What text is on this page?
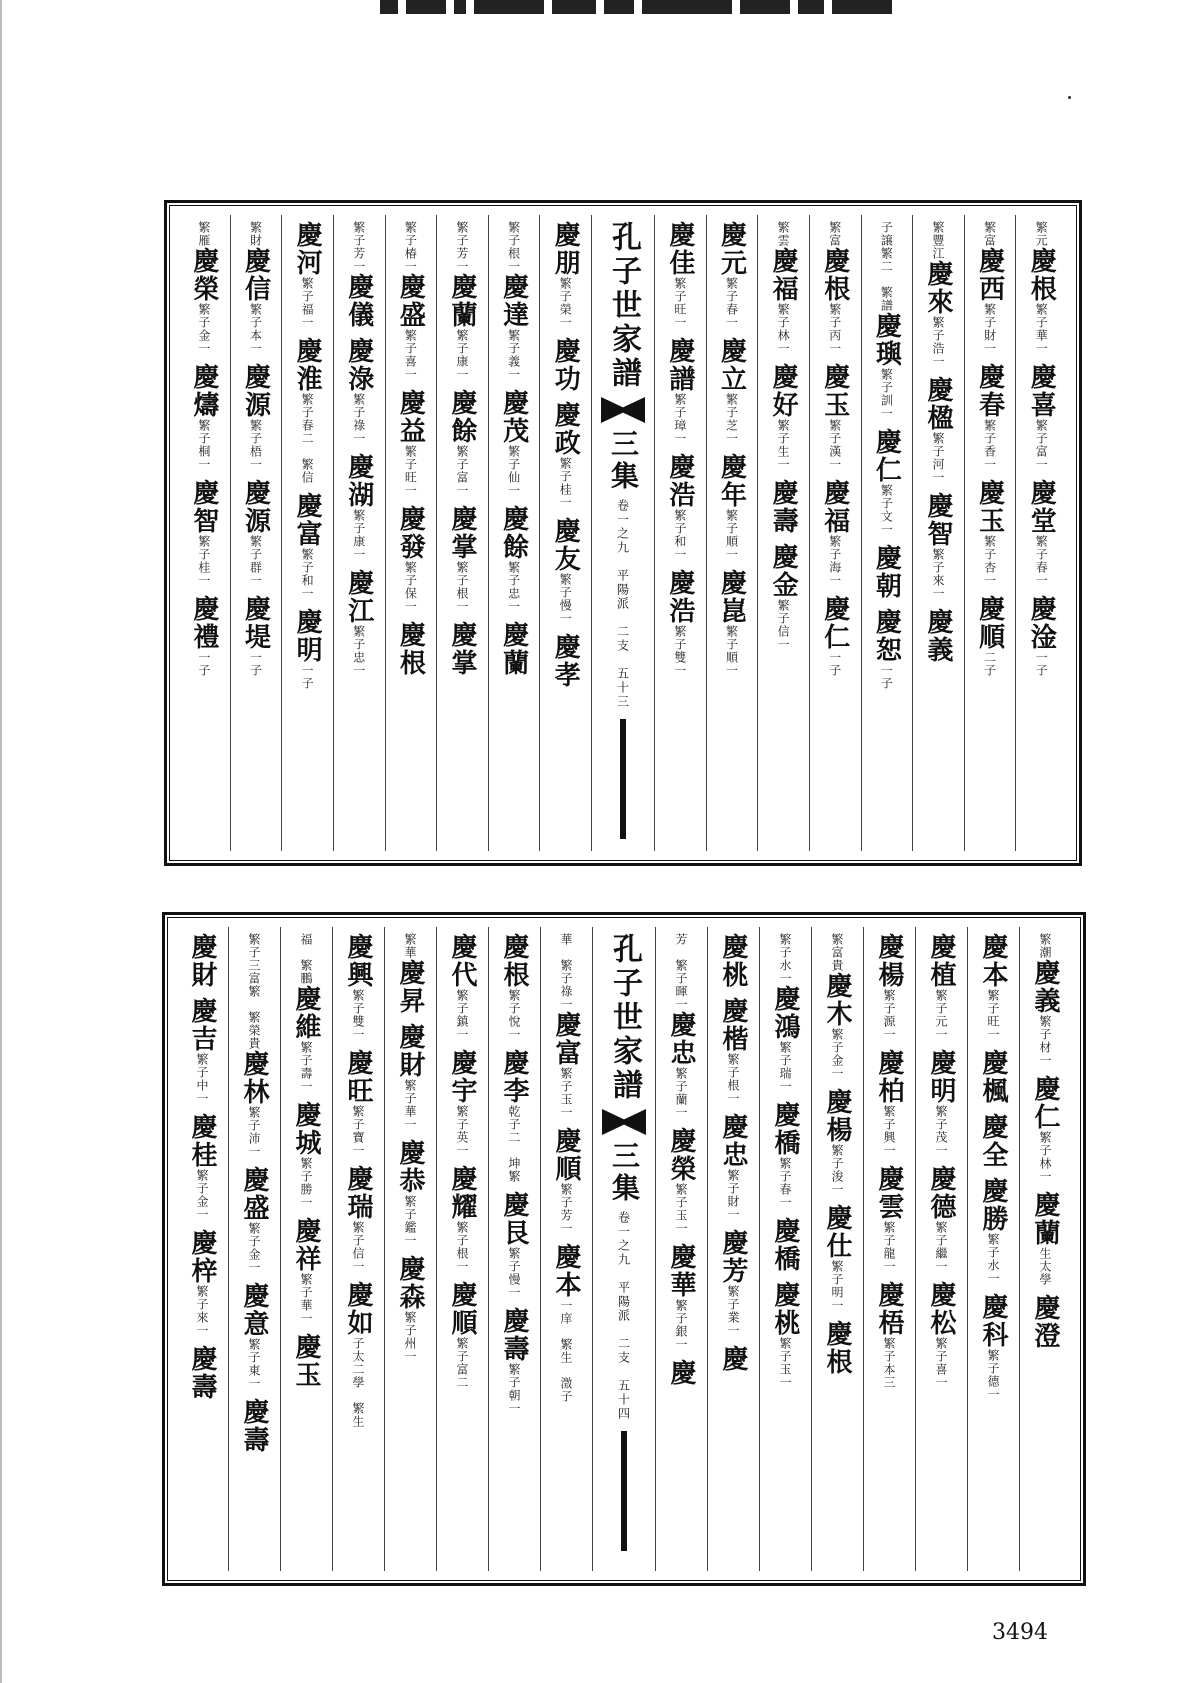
繁元
慶根
繁子華一
慶喜
繁子富一
慶堂
繁子春一
慶淦
一子
繁富
慶西
繁子財一
慶春
繁子香一
慶玉
繁子杏一
慶順
二子
繁豐江
慶來
繁子浩一
慶楹
繁子河一
慶智
繁子來一
慶義
子譲繁二　繁譜
慶璵
繁子訓一
慶仁
繁子文一
慶朝
慶恕
一子
繁富
慶根
繁子丙一
慶玉
繁子漢一
慶福
繁子海一
慶仁
一子
繁雲
慶福
繁子林一
慶好
繁子生一
慶壽
慶金
繁子信一
慶元
繁子春一
慶立
繁子芝一
慶年
繁子順一
慶崑
繁子順一
慶佳
繁子旺一
慶譜
繁子璋一
慶浩
繁子和一
慶浩
繁子雙一
孔子世家譜
三集
卷一之九　平陽派　二支　五十三
慶朋
繁子榮一
慶功
慶政
繁子桂一
慶友
繁子慢一
慶孝
繁子根一
慶達
繁子義一
慶茂
繁子仙一
慶餘
繁子忠一
慶蘭
繁子芳一
慶蘭
繁子康一
慶餘
繁子富一
慶掌
繁子根一
慶掌
繁子椿一
慶盛
繁子喜一
慶益
繁子旺一
慶發
繁子保一
慶根
繁子芳一
慶儀
慶淥
繁子祿一
慶湖
繁子康一
慶江
繁子忠一
慶河
繁子福一
慶淮
繁子春二　繁信
慶富
繁子和一
慶明
一子
繁財
慶信
繁子本一
慶源
繁子梧一
慶源
繁子群一
慶堤
一子
繁雁
慶榮
繁子金一
慶燽
繁子桐一
慶智
繁子桂一
慶禮
一子
繁潮
慶義
繁子材一
慶仁
繁子林一
慶蘭
生太學
慶澄
慶本
繁子旺一
慶楓
慶全
慶勝
繁子水一
慶科
繁子德一
慶植
繁子元一
慶明
繁子茂一
慶德
繁子繼一
慶松
繁子喜一
慶楊
繁子源一
慶柏
繁子興一
慶雲
繁子龍一
慶梧
繁子本三
繁富貴
慶木
繁子金一
慶楊
繁子浚一
慶仕
繁子明一
慶根
繁子水一
慶鴻
繁子瑞一
慶橋
繁子春一
慶橋
慶桃
繁子玉一
慶桃
慶楷
繁子根一
慶忠
繁子財一
慶芳
繁子業一
慶
芳　繁子暉一
慶忠
繁子蘭一
慶榮
繁子玉一
慶華
繁子銀一
慶
孔子世家譜
三集
卷一之九　平陽派　二支　五十四
華　繁子祿一
慶富
繁子玉一
慶順
繁子芳一
慶本
一庠　繁生　澂子
慶根
繁子悅一
慶李
乾子二　坤繁
慶艮
繁子慢一
慶壽
繁子朝一
慶代
繁子鎮一
慶宇
繁子英一
慶耀
繁子根一
慶順
繁子富二
繁華
慶昇
慶財
繁子華一
慶恭
繁子鑑一
慶森
繁子州一
慶興
繁子雙一
慶旺
繁子寶一
慶瑞
繁子信一
慶如
子太二學　繁生
福　繁鵬
慶維
繁子壽一
慶城
繁子勝一
慶祥
繁子華一
慶玉
繁子三富繁　繁榮貴
慶林
繁子沛一
慶盛
繁子金一
慶意
繁子東一
慶壽
慶財
慶吉
繁子中一
慶桂
繁子金一
慶梓
繁子來一
慶壽
3494
